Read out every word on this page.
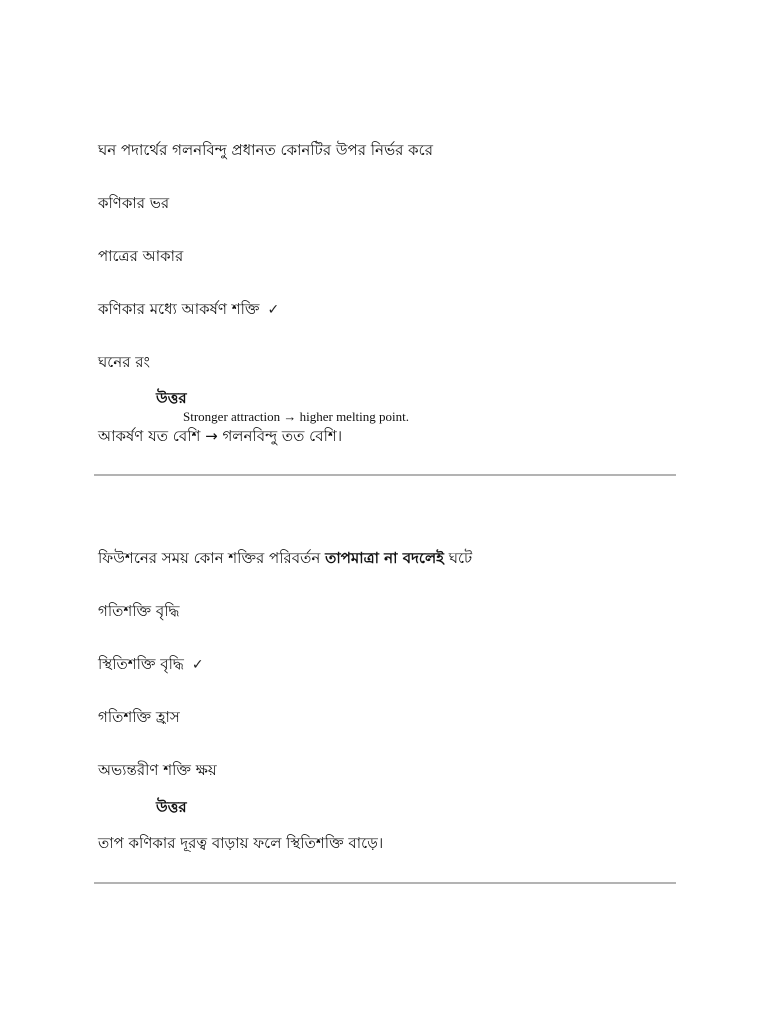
ঘন পদার্থের গলনবিন্দু প্রধানত কোনটির উপর নির্ভর করে
কণিকার ভর
পাত্রের আকার
কণিকার মধ্যে আকর্ষণ শক্তি ✓
ঘনের রং
উত্তর
Stronger attraction → higher melting point.
আকর্ষণ যত বেশি → গলনবিন্দু তত বেশি।
ফিউশনের সময় কোন শক্তির পরিবর্তন তাপমাত্রা না বদলেই ঘটে
গতিশক্তি বৃদ্ধি
স্থিতিশক্তি বৃদ্ধি ✓
গতিশক্তি হ্রাস
অভ্যন্তরীণ শক্তি ক্ষয়
উত্তর
তাপ কণিকার দূরত্ব বাড়ায় ফলে স্থিতিশক্তি বাড়ে।
